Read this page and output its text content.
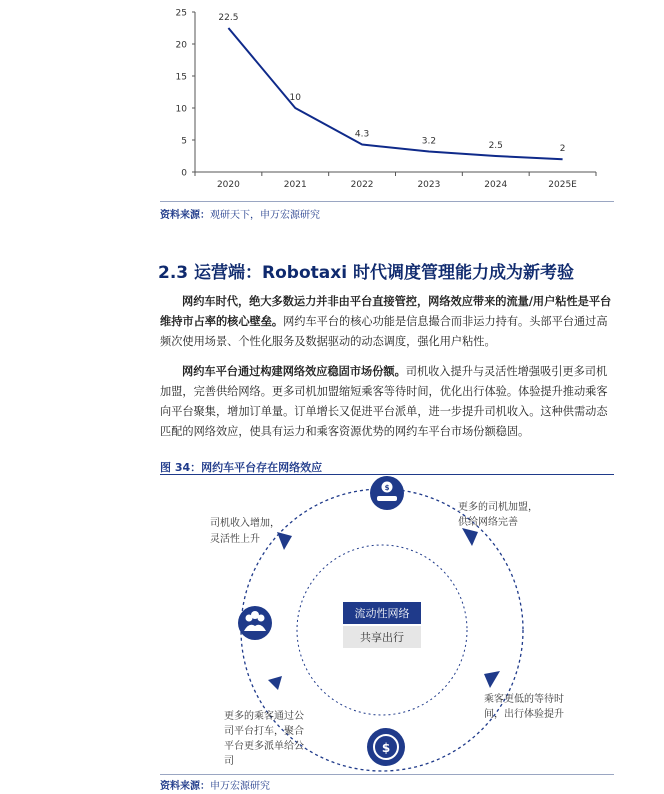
0
5
10
15
20
25
2020	2021	2022	2023	2024	2025E
22.5
10
4.3
3.2	2.5	2
资料来源：观研天下，申万宏源研究
2.3 运营端：Robotaxi 时代调度管理能力成为新考验
网约车时代，绝大多数运力并非由平台直接管控，网络效应带来的流量/用户粘性是平台维持市占率的核心壁垒。网约车平台的核心功能是信息撮合而非运力持有。头部平台通过高频次使用场景、个性化服务及数据驱动的动态调度，强化用户粘性。
网约车平台通过构建网络效应稳固市场份额。司机收入提升与灵活性增强吸引更多司机加盟，完善供给网络。更多司机加盟缩短乘客等待时间，优化出行体验。体验提升推动乘客向平台聚集，增加订单量。订单增长又促进平台派单，进一步提升司机收入。这种供需动态匹配的网络效应，使具有运力和乘客资源优势的网约车平台市场份额稳固。
图 34：网约车平台存在网络效应
流动性网络
共享出行
$
$
更多的司机加盟，
供给网络完善
司机收入增加，
灵活性上升
乘客更低的等待时
间，出行体验提升
更多的乘客通过公
司平台打车，聚合
平台更多派单给公
司
资料来源：申万宏源研究
